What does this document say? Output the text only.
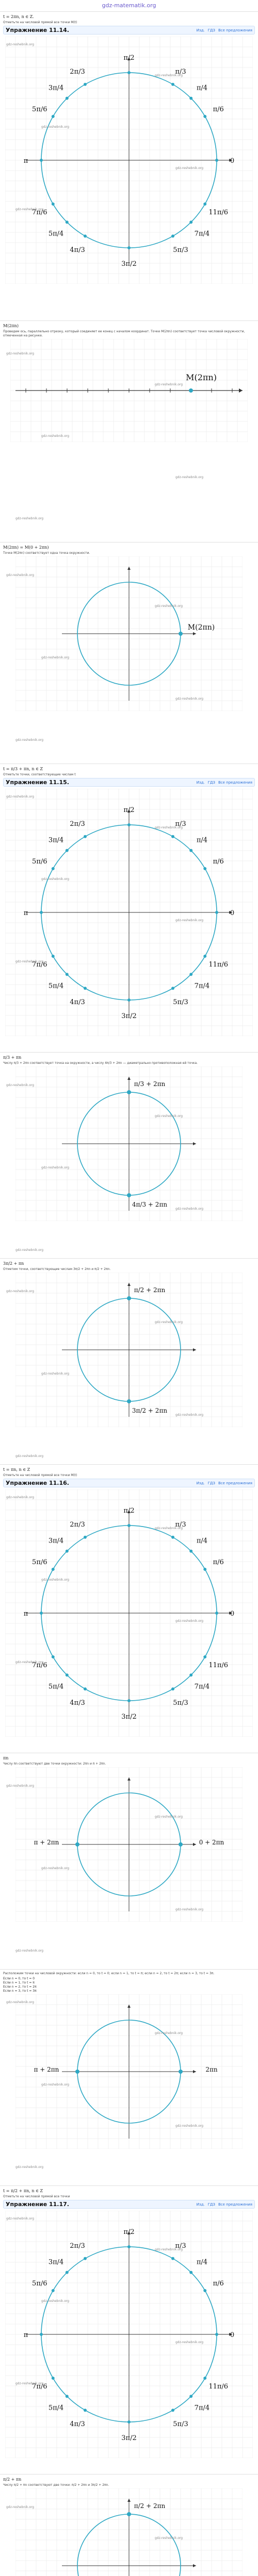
gdz-matematik.org
t = 2πn, n ∈ Z.
Отметьте на числовой прямой все точки M(t)
Упражнение 11.14.	Изд. ГДЗ Все предложения
π/2
π/3
π/4
π/6
0
11π/6
7π/4
5π/3
3π/2
4π/3
5π/4
7π/6
π
5π/6
3π/4
2π/3
gdz-reshebnik.org
gdz-reshebnik.org
gdz-reshebnik.org
gdz-reshebnik.org
gdz-reshebnik.org
M(2πn)
Проведем ось, параллельно отрезку, который соединяет ее конец с началом координат. Точке M(2πn) соответствует точка числовой окружности, отмеченная на рисунке.
M(2πn)
gdz-reshebnik.org
gdz-reshebnik.org
gdz-reshebnik.org
gdz-reshebnik.org
gdz-reshebnik.org
M(2πn) = M(0 + 2πn)
Точке M(2πn) соответствует одна точка окружности.
M(2πn)
gdz-reshebnik.org
gdz-reshebnik.org
gdz-reshebnik.org
gdz-reshebnik.org
gdz-reshebnik.org
t = π/3 + πn, n ∈ Z
Отметьте точки, соответствующие числам t
Упражнение 11.15.	Изд. ГДЗ Все предложения
π/2
π/3
π/4
π/6
0
11π/6
7π/4
5π/3
3π/2
4π/3
5π/4
7π/6
π
5π/6
3π/4
2π/3
gdz-reshebnik.org
gdz-reshebnik.org
gdz-reshebnik.org
gdz-reshebnik.org
gdz-reshebnik.org
π/3 + πn
Числу π/3 + 2πn соответствует точка на окружности, а числу 4π/3 + 2πn — диаметрально противоположная ей точка.
π/3 + 2πn
4π/3 + 2πn
gdz-reshebnik.org
gdz-reshebnik.org
gdz-reshebnik.org
gdz-reshebnik.org
gdz-reshebnik.org
3π/2 + πn
Отметим точки, соответствующие числам 3π/2 + 2πn и π/2 + 2πn.
π/2 + 2πn
3π/2 + 2πn
gdz-reshebnik.org
gdz-reshebnik.org
gdz-reshebnik.org
gdz-reshebnik.org
gdz-reshebnik.org
t = πn, n ∈ Z
Отметьте на числовой прямой все точки M(t)
Упражнение 11.16.	Изд. ГДЗ Все предложения
π/2
π/3
π/4
π/6
0
11π/6
7π/4
5π/3
3π/2
4π/3
5π/4
7π/6
π
5π/6
3π/4
2π/3
gdz-reshebnik.org
gdz-reshebnik.org
gdz-reshebnik.org
gdz-reshebnik.org
gdz-reshebnik.org
πn
Числу πn соответствуют две точки окружности: 2πn и π + 2πn.
π + 2πn	0 + 2πn
gdz-reshebnik.org
gdz-reshebnik.org
gdz-reshebnik.org
gdz-reshebnik.org
gdz-reshebnik.org
Расположим точки на числовой окружности: если n = 0, то t = 0; если n = 1, то t = π; если n = 2, то t = 2π; если n = 3, то t = 3π.
Если n = 0, то t = 0
Если n = 1, то t = π
Если n = 2, то t = 2π
Если n = 3, то t = 3π
π + 2πn	2πn
gdz-reshebnik.org
gdz-reshebnik.org
gdz-reshebnik.org
gdz-reshebnik.org
gdz-reshebnik.org
t = π/2 + πn, n ∈ Z
Отметьте на числовой прямой все точки
Упражнение 11.17.	Изд. ГДЗ Все предложения
π/2
π/3
π/4
π/6
0
11π/6
7π/4
5π/3
3π/2
4π/3
5π/4
7π/6
π
5π/6
3π/4
2π/3
gdz-reshebnik.org
gdz-reshebnik.org
gdz-reshebnik.org
gdz-reshebnik.org
gdz-reshebnik.org
π/2 + πn
Числу π/2 + πn соответствуют две точки: π/2 + 2πn и 3π/2 + 2πn.
π/2 + 2πn
gdz-reshebnik.org
gdz-reshebnik.org
